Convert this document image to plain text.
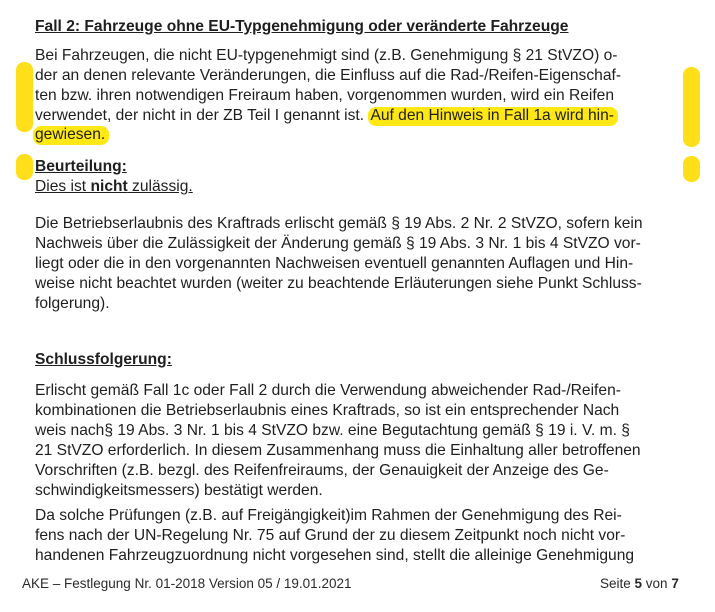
Fall 2: Fahrzeuge ohne EU-Typgenehmigung oder veränderte Fahrzeuge
Bei Fahrzeugen, die nicht EU-typgenehmigt sind (z.B. Genehmigung § 21 StVZO) o-
der an denen relevante Veränderungen, die Einfluss auf die Rad-/Reifen-Eigenschaf-
ten bzw. ihren notwendigen Freiraum haben, vorgenommen wurden, wird ein Reifen
verwendet, der nicht in der ZB Teil I genannt ist. Auf den Hinweis in Fall 1a wird hin-
gewiesen.
Beurteilung:
Dies ist nicht zulässig.
Die Betriebserlaubnis des Kraftrads erlischt gemäß § 19 Abs. 2 Nr. 2 StVZO, sofern kein
Nachweis über die Zulässigkeit der Änderung gemäß § 19 Abs. 3 Nr. 1 bis 4 StVZO vor-
liegt oder die in den vorgenannten Nachweisen eventuell genannten Auflagen und Hin-
weise nicht beachtet wurden (weiter zu beachtende Erläuterungen siehe Punkt Schluss-
folgerung).
Schlussfolgerung:
Erlischt gemäß Fall 1c oder Fall 2 durch die Verwendung abweichender Rad-/Reifen-
kombinationen die Betriebserlaubnis eines Kraftrads, so ist ein entsprechender Nach
weis nach§ 19 Abs. 3 Nr. 1 bis 4 StVZO bzw. eine Begutachtung gemäß § 19 i. V. m. §
21 StVZO erforderlich. In diesem Zusammenhang muss die Einhaltung aller betroffenen
Vorschriften (z.B. bezgl. des Reifenfreiraums, der Genauigkeit der Anzeige des Ge-
schwindigkeitsmessers) bestätigt werden.
Da solche Prüfungen (z.B. auf Freigängigkeit)im Rahmen der Genehmigung des Rei-
fens nach der UN-Regelung Nr. 75 auf Grund der zu diesem Zeitpunkt noch nicht vor-
handenen Fahrzeugzuordnung nicht vorgesehen sind, stellt die alleinige Genehmigung
AKE – Festlegung Nr. 01-2018 Version 05 / 19.01.2021	Seite 5 von 7
